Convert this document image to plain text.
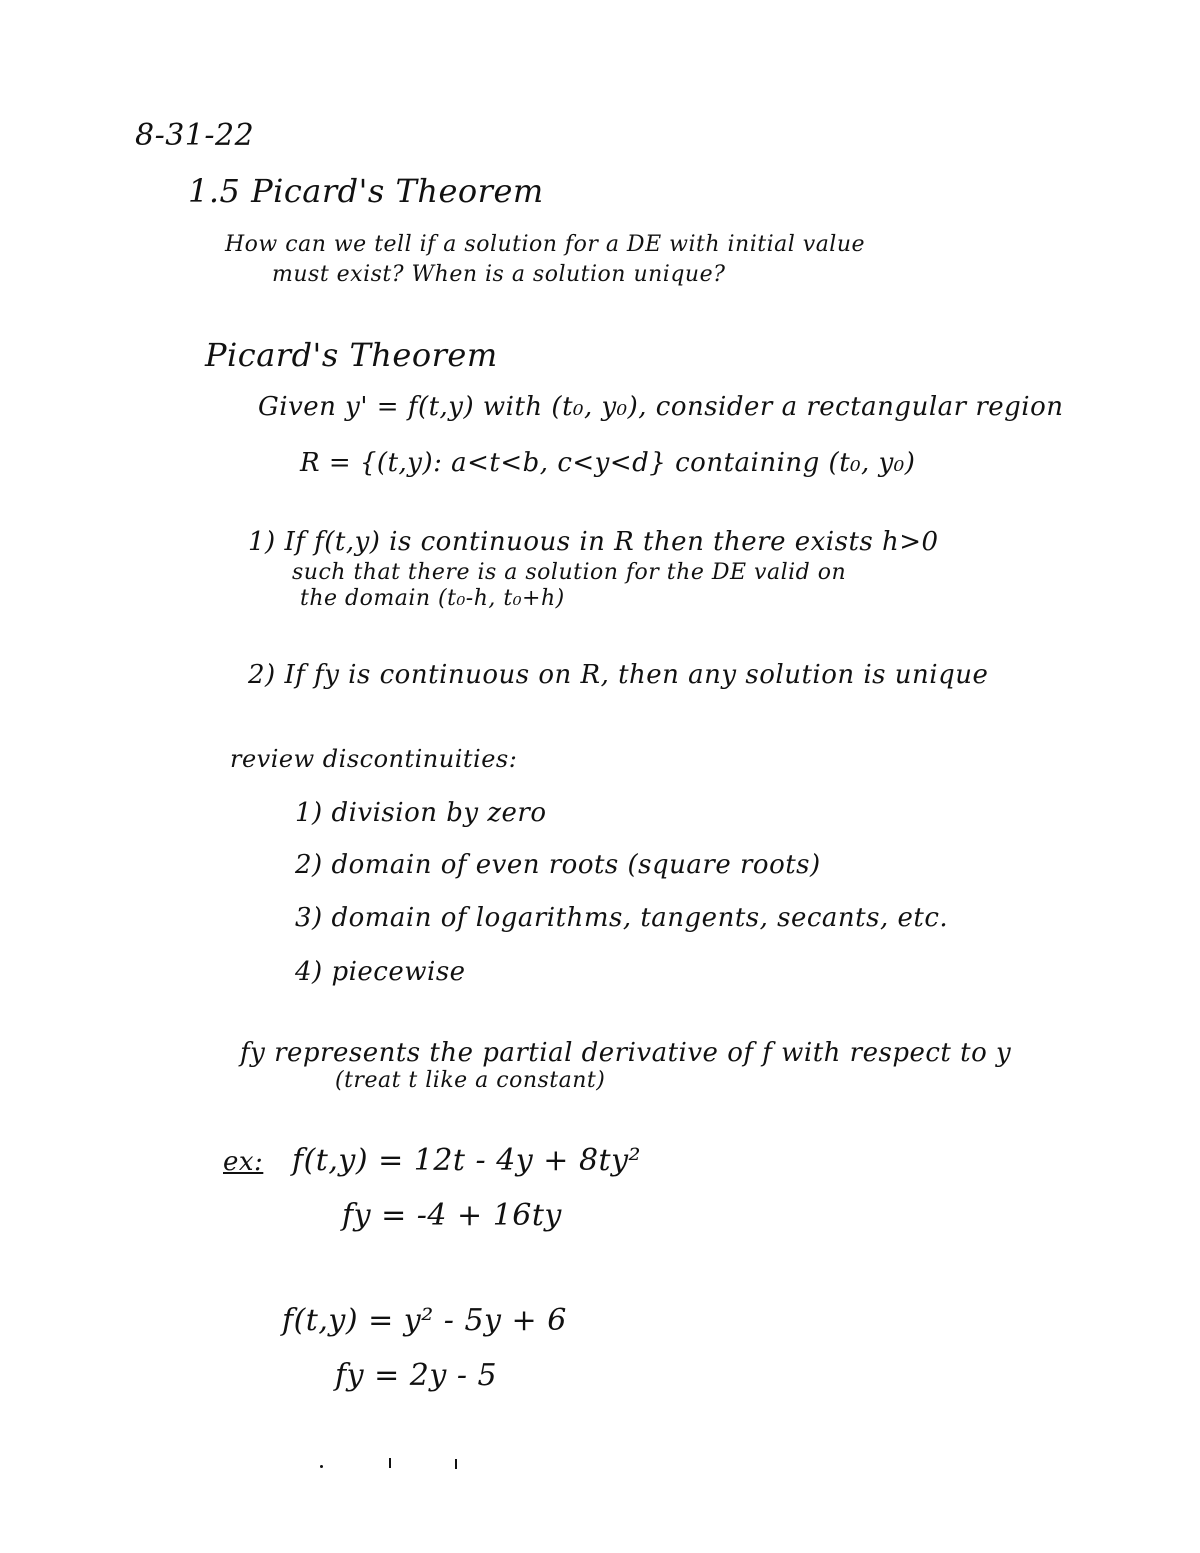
8-31-22
1.5 Picard's Theorem
How can we tell if a solution for a DE with initial value
must exist? When is a solution unique?
Picard's Theorem
Given y' = f(t,y) with (t₀, y₀), consider a rectangular region
R = {(t,y): a<t<b, c<y<d} containing (t₀, y₀)
1) If f(t,y) is continuous in R then there exists h>0
such that there is a solution for the DE valid on
the domain (t₀-h, t₀+h)
2) If fy is continuous on R, then any solution is unique
review discontinuities:
1) division by zero
2) domain of even roots (square roots)
3) domain of logarithms, tangents, secants, etc.
4) piecewise
fy represents the partial derivative of f with respect to y
(treat t like a constant)
ex: f(t,y) = 12t - 4y + 8ty²
fy = -4 + 16ty
f(t,y) = y² - 5y + 6
fy = 2y - 5
